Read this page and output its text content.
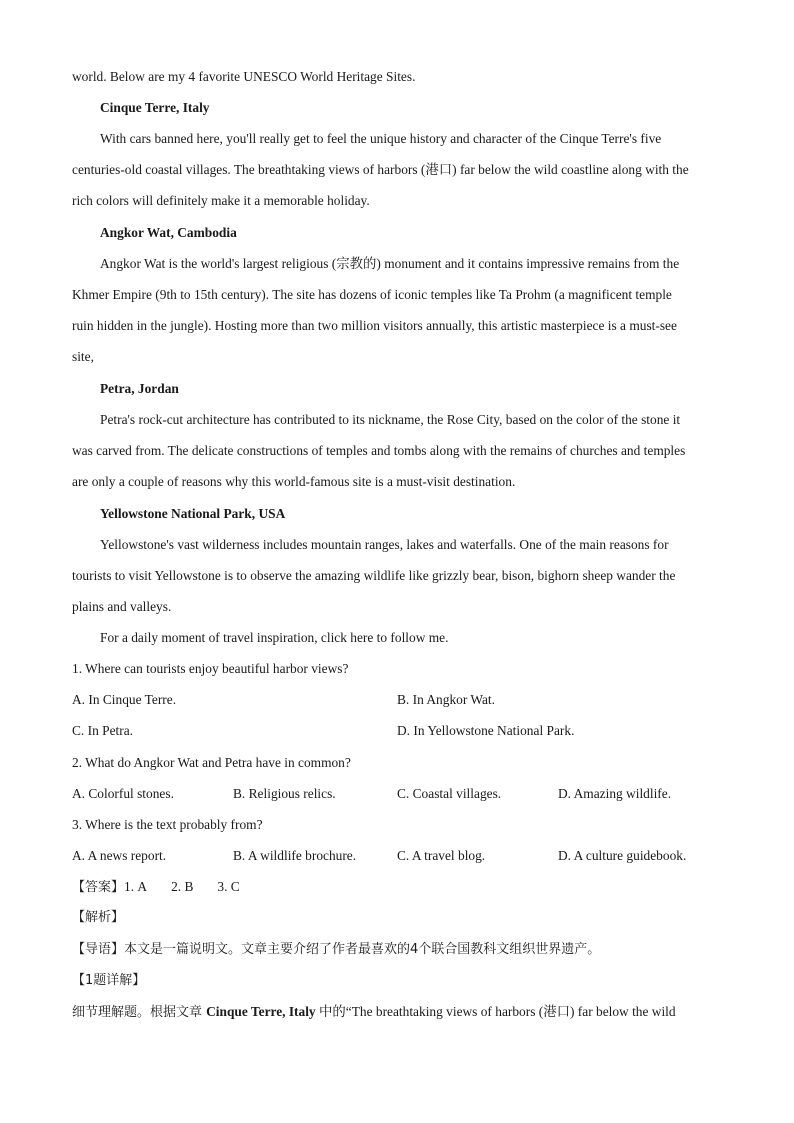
world. Below are my 4 favorite UNESCO World Heritage Sites.
Cinque Terre, Italy
With cars banned here, you'll really get to feel the unique history and character of the Cinque Terre's five
centuries-old coastal villages. The breathtaking views of harbors (港口) far below the wild coastline along with the
rich colors will definitely make it a memorable holiday.
Angkor Wat, Cambodia
Angkor Wat is the world's largest religious (宗教的) monument and it contains impressive remains from the
Khmer Empire (9th to 15th century). The site has dozens of iconic temples like Ta Prohm (a magnificent temple
ruin hidden in the jungle). Hosting more than two million visitors annually, this artistic masterpiece is a must-see
site,
Petra, Jordan
Petra's rock-cut architecture has contributed to its nickname, the Rose City, based on the color of the stone it
was carved from. The delicate constructions of temples and tombs along with the remains of churches and temples
are only a couple of reasons why this world-famous site is a must-visit destination.
Yellowstone National Park, USA
Yellowstone's vast wilderness includes mountain ranges, lakes and waterfalls. One of the main reasons for
tourists to visit Yellowstone is to observe the amazing wildlife like grizzly bear, bison, bighorn sheep wander the
plains and valleys.
For a daily moment of travel inspiration, click here to follow me.
1. Where can tourists enjoy beautiful harbor views?
A. In Cinque Terre.	B. In Angkor Wat.
C. In Petra.	D. In Yellowstone National Park.
2. What do Angkor Wat and Petra have in common?
A. Colorful stones.	B. Religious relics.	C. Coastal villages.	D. Amazing wildlife.
3. Where is the text probably from?
A. A news report.	B. A wildlife brochure.	C. A travel blog.	D. A culture guidebook.
【答案】1. A 2. B 3. C
【解析】
【导语】本文是一篇说明文。文章主要介绍了作者最喜欢的4个联合国教科文组织世界遗产。
【1题详解】
细节理解题。根据文章 Cinque Terre, Italy 中的“The breathtaking views of harbors (港口) far below the wild
